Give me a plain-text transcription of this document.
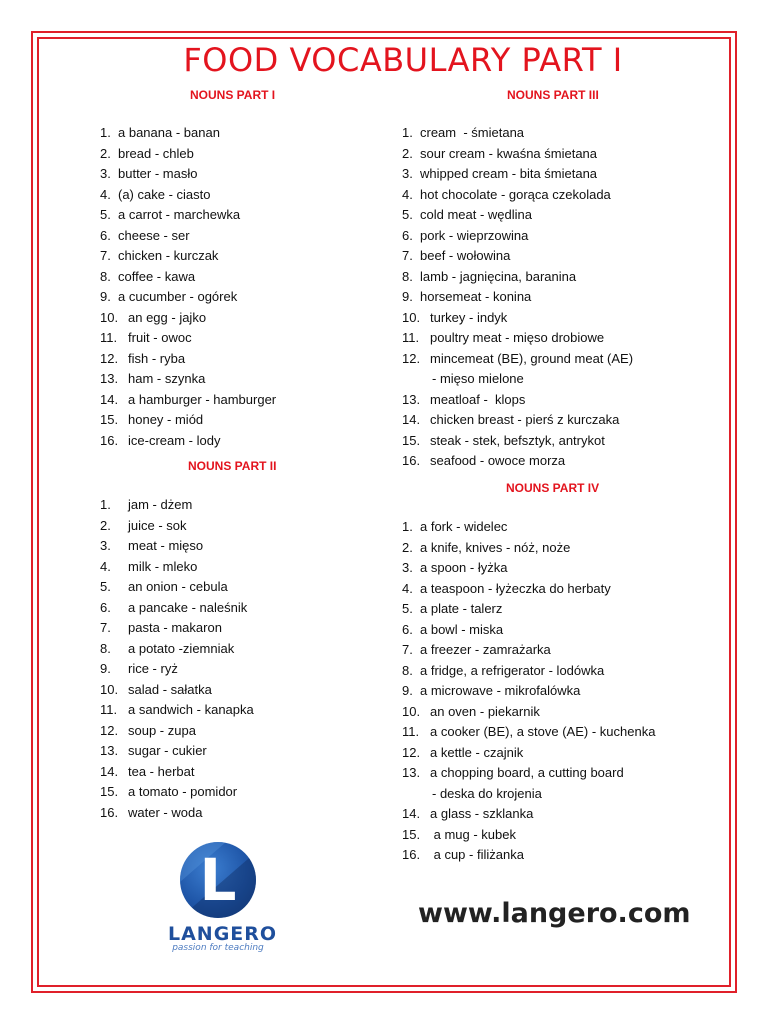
FOOD VOCABULARY PART I
NOUNS PART I
1. a banana - banan
2. bread - chleb
3. butter - masło
4. (a) cake - ciasto
5. a carrot - marchewka
6. cheese - ser
7. chicken - kurczak
8. coffee - kawa
9. a cucumber - ogórek
10. an egg - jajko
11. fruit - owoc
12. fish - ryba
13. ham - szynka
14. a hamburger - hamburger
15. honey - miód
16. ice-cream - lody
NOUNS PART II
1. jam - dżem
2. juice - sok
3. meat - mięso
4. milk - mleko
5. an onion - cebula
6. a pancake - naleśnik
7. pasta - makaron
8. a potato -ziemniak
9. rice - ryż
10. salad - sałatka
11. a sandwich - kanapka
12. soup - zupa
13. sugar - cukier
14. tea - herbat
15. a tomato - pomidor
16. water - woda
NOUNS PART III
1. cream  - śmietana
2. sour cream - kwaśna śmietana
3. whipped cream - bita śmietana
4. hot chocolate - gorąca czekolada
5. cold meat - wędlina
6. pork - wieprzowina
7. beef - wołowina
8. lamb - jagnięcina, baranina
9. horsemeat - konina
10. turkey - indyk
11. poultry meat - mięso drobiowe
12. mincemeat (BE), ground meat (AE)
- mięso mielone
13. meatloaf -  klops
14. chicken breast - pierś z kurczaka
15. steak - stek, befsztyk, antrykot
16. seafood - owoce morza
NOUNS PART IV
1. a fork - widelec
2. a knife, knives - nóż, noże
3. a spoon - łyżka
4. a teaspoon - łyżeczka do herbaty
5. a plate - talerz
6. a bowl - miska
7. a freezer - zamrażarka
8. a fridge, a refrigerator - lodówka
9. a microwave - mikrofalówka
10. an oven - piekarnik
11. a cooker (BE), a stove (AE) - kuchenka
12. a kettle - czajnik
13. a chopping board, a cutting board
- deska do krojenia
14. a glass - szklanka
15. a mug - kubek
16. a cup - filiżanka
L
LANGERO
passion for teaching
www.langero.com
